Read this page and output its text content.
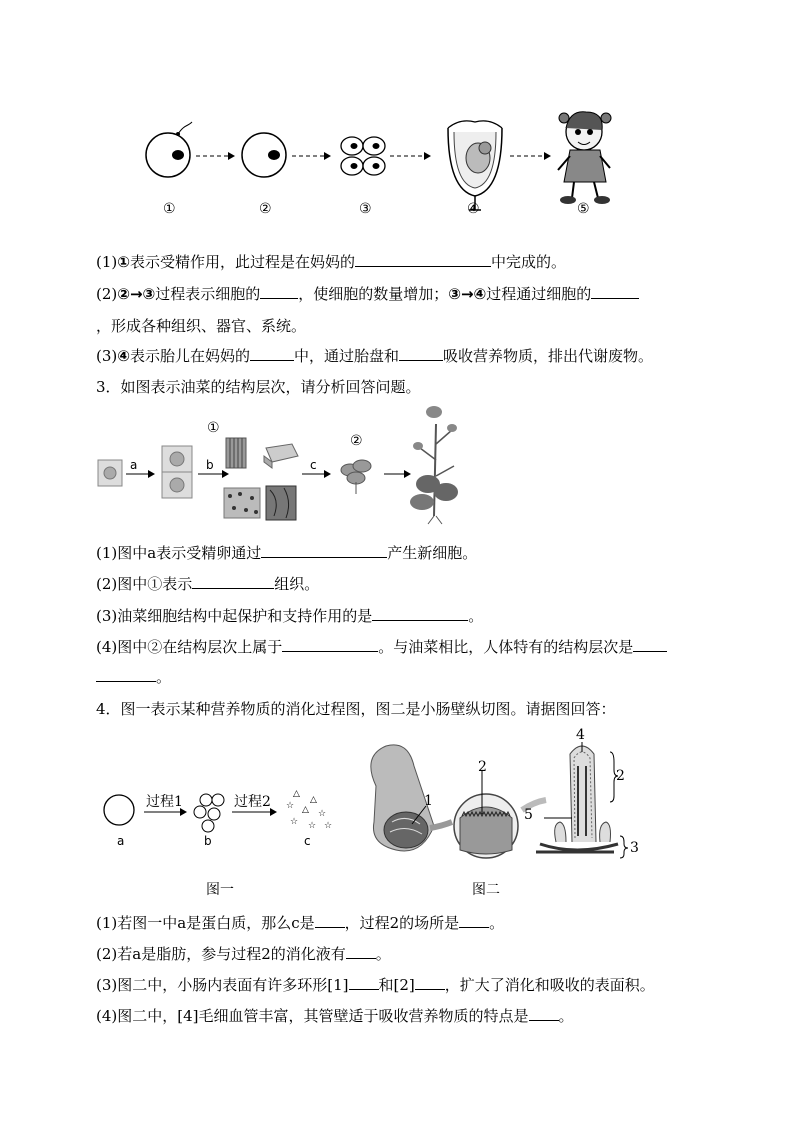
①	②	③	④	⑤
(1)①表示受精作用，此过程是在妈妈的	中完成的。
(2)②→③过程表示细胞的	，使细胞的数量增加；③→④过程通过细胞的
，形成各种组织、器官、系统。
(3)④表示胎儿在妈妈的	中，通过胎盘和	吸收营养物质，排出代谢废物。
3．如图表示油菜的结构层次，请分析回答问题。
①
②
a	b	c
(1)图中a表示受精卵通过	产生新细胞。
(2)图中①表示	组织。
(3)油菜细胞结构中起保护和支持作用的是	。
(4)图中②在结构层次上属于	。与油菜相比，人体特有的结构层次是
。
4．图一表示某种营养物质的消化过程图，图二是小肠壁纵切图。请据图回答：
△
△
☆ △ ☆
☆ ☆ ☆
过程1	过程2
a	b	c
图一
1
2
4
2
5
3
图二
(1)若图一中a是蛋白质，那么c是 ，过程2的场所是 。
(2)若a是脂肪，参与过程2的消化液有 。
(3)图二中，小肠内表面有许多环形[1] 和[2] ，扩大了消化和吸收的表面积。
(4)图二中，[4]毛细血管丰富，其管壁适于吸收营养物质的特点是 。
